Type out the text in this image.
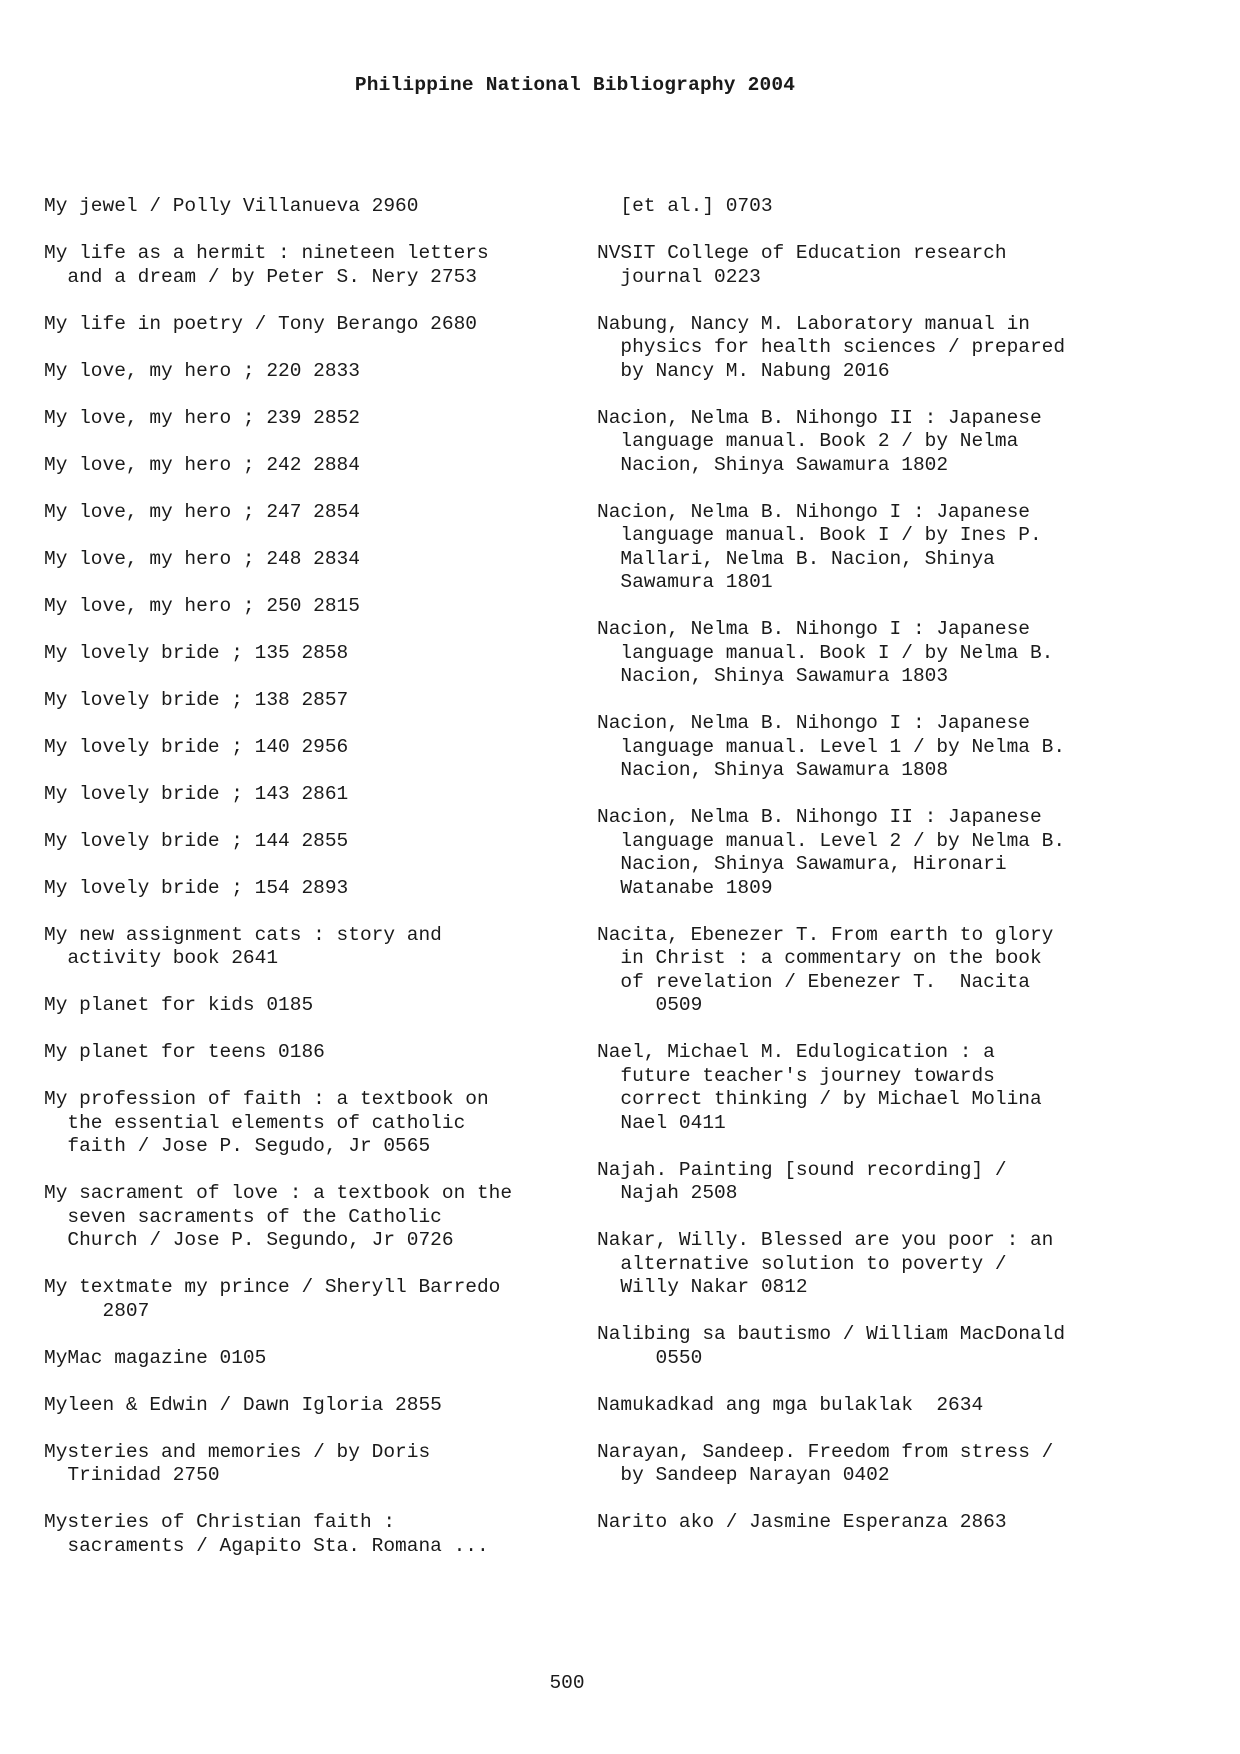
Philippine National Bibliography 2004
My jewel / Polly Villanueva 2960
My life as a hermit : nineteen letters
and a dream / by Peter S. Nery 2753
My life in poetry / Tony Berango 2680
My love, my hero ; 220 2833
My love, my hero ; 239 2852
My love, my hero ; 242 2884
My love, my hero ; 247 2854
My love, my hero ; 248 2834
My love, my hero ; 250 2815
My lovely bride ; 135 2858
My lovely bride ; 138 2857
My lovely bride ; 140 2956
My lovely bride ; 143 2861
My lovely bride ; 144 2855
My lovely bride ; 154 2893
My new assignment cats : story and
activity book 2641
My planet for kids 0185
My planet for teens 0186
My profession of faith : a textbook on
the essential elements of catholic
faith / Jose P. Segudo, Jr 0565
My sacrament of love : a textbook on the
seven sacraments of the Catholic
Church / Jose P. Segundo, Jr 0726
My textmate my prince / Sheryll Barredo
2807
MyMac magazine 0105
Myleen & Edwin / Dawn Igloria 2855
Mysteries and memories / by Doris
Trinidad 2750
Mysteries of Christian faith :
sacraments / Agapito Sta. Romana ...
[et al.] 0703
NVSIT College of Education research
journal 0223
Nabung, Nancy M. Laboratory manual in
physics for health sciences / prepared
by Nancy M. Nabung 2016
Nacion, Nelma B. Nihongo II : Japanese
language manual. Book 2 / by Nelma
Nacion, Shinya Sawamura 1802
Nacion, Nelma B. Nihongo I : Japanese
language manual. Book I / by Ines P.
Mallari, Nelma B. Nacion, Shinya
Sawamura 1801
Nacion, Nelma B. Nihongo I : Japanese
language manual. Book I / by Nelma B.
Nacion, Shinya Sawamura 1803
Nacion, Nelma B. Nihongo I : Japanese
language manual. Level 1 / by Nelma B.
Nacion, Shinya Sawamura 1808
Nacion, Nelma B. Nihongo II : Japanese
language manual. Level 2 / by Nelma B.
Nacion, Shinya Sawamura, Hironari
Watanabe 1809
Nacita, Ebenezer T. From earth to glory
in Christ : a commentary on the book
of revelation / Ebenezer T.  Nacita
0509
Nael, Michael M. Edulogication : a
future teacher's journey towards
correct thinking / by Michael Molina
Nael 0411
Najah. Painting [sound recording] /
Najah 2508
Nakar, Willy. Blessed are you poor : an
alternative solution to poverty /
Willy Nakar 0812
Nalibing sa bautismo / William MacDonald
0550
Namukadkad ang mga bulaklak  2634
Narayan, Sandeep. Freedom from stress /
by Sandeep Narayan 0402
Narito ako / Jasmine Esperanza 2863
500
